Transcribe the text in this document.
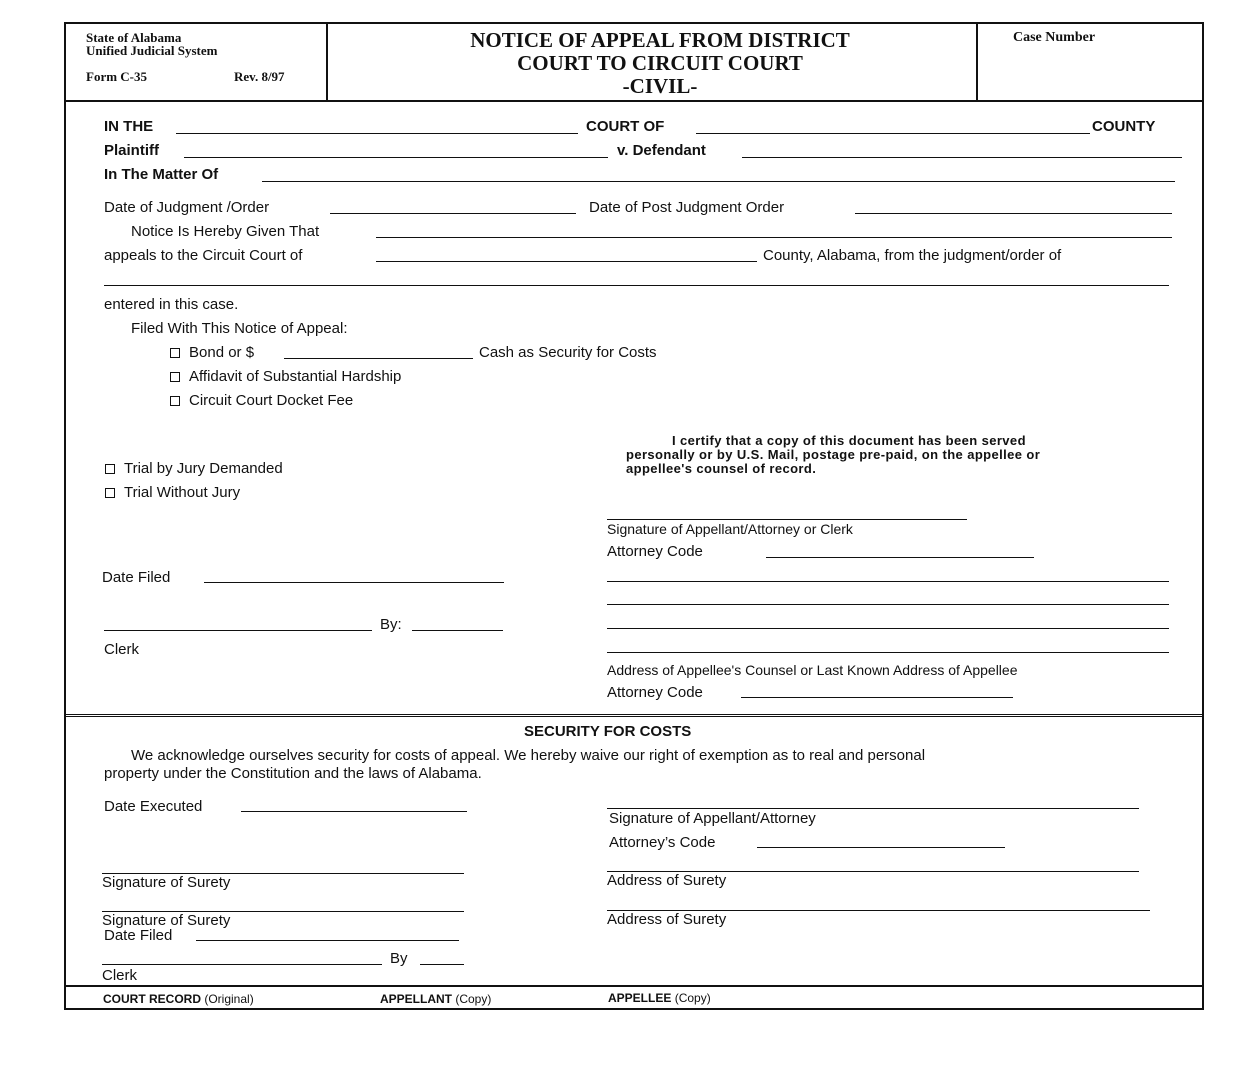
State of Alabama
Unified Judicial System
Form C-35	Rev. 8/97
NOTICE OF APPEAL FROM DISTRICT
COURT TO CIRCUIT COURT
-CIVIL-
Case Number
IN THE	COURT OF	COUNTY
Plaintiff	v. Defendant
In The Matter Of
Date of Judgment /Order	Date of Post Judgment Order
Notice Is Hereby Given That
appeals to the Circuit Court of	County, Alabama, from the judgment/order of
entered in this case.
Filed With This Notice of Appeal:
Bond or $	Cash as Security for Costs
Affidavit of Substantial Hardship
Circuit Court Docket Fee
Trial by Jury Demanded
Trial Without Jury
I certify that a copy of this document has been served
personally or by U.S. Mail, postage pre-paid, on the appellee or
appellee's counsel of record.
Signature of Appellant/Attorney or Clerk
Attorney Code
Address of Appellee's Counsel or Last Known Address of Appellee
Attorney Code
Date Filed
By:
Clerk
SECURITY FOR COSTS
We acknowledge ourselves security for costs of appeal. We hereby waive our right of exemption as to real and personal
property under the Constitution and the laws of Alabama.
Date Executed
Signature of Appellant/Attorney
Attorney’s Code
Signature of Surety	Address of Surety
Signature of Surety	Address of Surety
Date Filed
By
Clerk
COURT RECORD (Original)	APPELLANT (Copy)	APPELLEE (Copy)
